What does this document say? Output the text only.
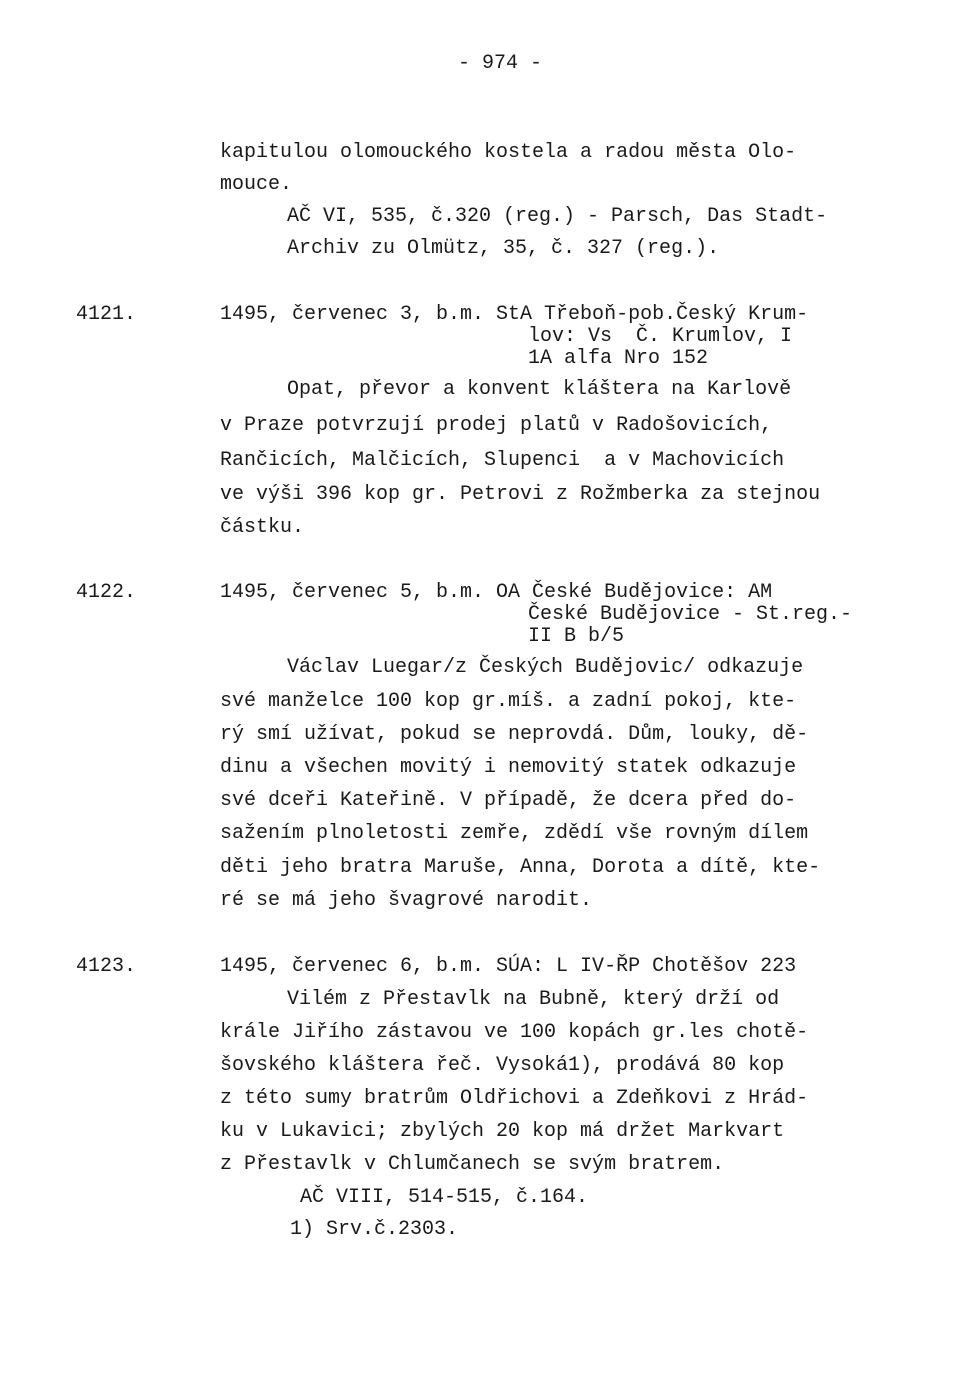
- 974 -
kapitulou olomouckého kostela a radou města Olo-
mouce.
AČ VI, 535, č.320 (reg.) - Parsch, Das Stadt-
Archiv zu Olmütz, 35, č. 327 (reg.).
4121.	1495, červenec 3, b.m. StA Třeboň-pob.Český Krum-
lov: Vs  Č. Krumlov, I
1A alfa Nro 152
Opat, převor a konvent kláštera na Karlově
v Praze potvrzují prodej platů v Radošovicích,
Rančicích, Malčicích, Slupenci  a v Machovicích
ve výši 396 kop gr. Petrovi z Rožmberka za stejnou
částku.
4122.	1495, červenec 5, b.m. OA České Budějovice: AM
České Budějovice - St.reg.-
II B b/5
Václav Luegar/z Českých Budějovic/ odkazuje
své manželce 100 kop gr.míš. a zadní pokoj, kte-
rý smí užívat, pokud se neprovdá. Dům, louky, dě-
dinu a všechen movitý i nemovitý statek odkazuje
své dceři Kateřině. V případě, že dcera před do-
sažením plnoletosti zemře, zdědí vše rovným dílem
děti jeho bratra Maruše, Anna, Dorota a dítě, kte-
ré se má jeho švagrové narodit.
4123.	1495, červenec 6, b.m. SÚA: L IV-ŘP Chotěšov 223
Vilém z Přestavlk na Bubně, který drží od
krále Jiřího zástavou ve 100 kopách gr.les chotě-
šovského kláštera řeč. Vysoká1), prodává 80 kop
z této sumy bratrům Oldřichovi a Zdeňkovi z Hrád-
ku v Lukavici; zbylých 20 kop má držet Markvart
z Přestavlk v Chlumčanech se svým bratrem.
AČ VIII, 514-515, č.164.
1) Srv.č.2303.
